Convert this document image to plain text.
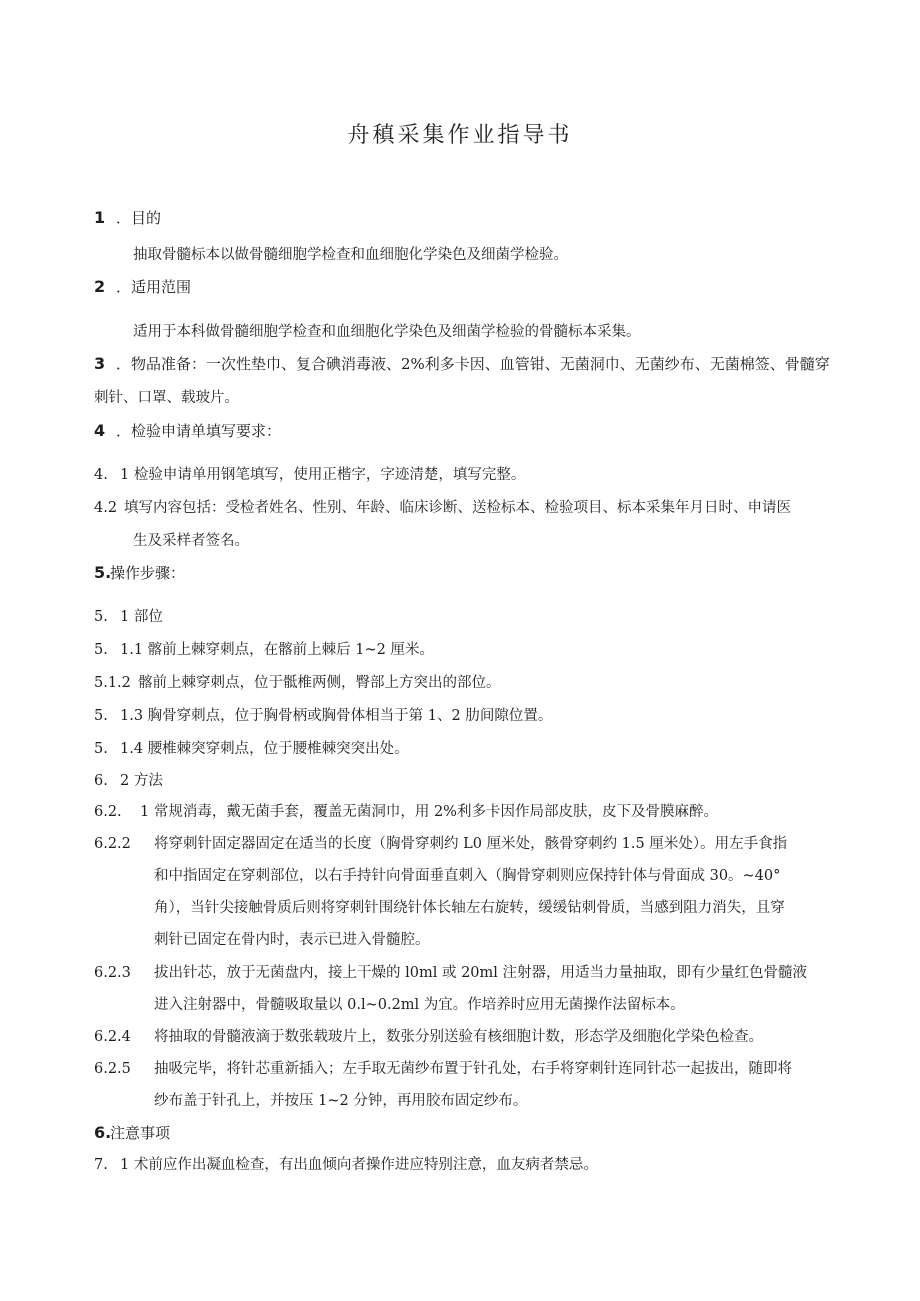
舟稹采集作业指导书
1 ．目的
抽取骨髓标本以做骨髓细胞学检查和血细胞化学染色及细菌学检验。
2 ．适用范围
适用于本科做骨髓细胞学检查和血细胞化学染色及细菌学检验的骨髓标本采集。
3 ．物品准备：一次性垫巾、复合碘消毒液、2%利多卡因、血管钳、无菌洞巾、无菌纱布、无菌棉签、骨髓穿
刺针、口罩、载玻片。
4 ．检验申请单填写要求：
4. 1 检验申请单用钢笔填写，使用正楷字，字迹清楚，填写完整。
4.2 填写内容包括：受检者姓名、性别、年龄、临床诊断、送检标本、检验项目、标本采集年月日时、申请医
生及采样者签名。
5.操作步骤：
5. 1 部位
5. 1.1 髂前上棘穿刺点，在髂前上棘后 1~2 厘米。
5.1.2 髂前上棘穿刺点，位于骶椎两侧，臀部上方突出的部位。
5. 1.3 胸骨穿刺点，位于胸骨柄或胸骨体相当于第 1、2 肋间隙位置。
5. 1.4 腰椎棘突穿刺点，位于腰椎棘突突出处。
6. 2 方法
6.2. 1 常规消毒，戴无菌手套，覆盖无菌洞巾，用 2%利多卡因作局部皮肤，皮下及骨膜麻醉。
6.2.2 将穿刺针固定器固定在适当的长度（胸骨穿刺约 L0 厘米处，骸骨穿刺约 1.5 厘米处）。用左手食指
和中指固定在穿刺部位，以右手持针向骨面垂直刺入（胸骨穿刺则应保持针体与骨面成 30。~40°
角），当针尖接触骨质后则将穿刺针围绕针体长轴左右旋转，缓缓钻刺骨质，当感到阻力消失，且穿
刺针已固定在骨内时，表示已进入骨髓腔。
6.2.3 拔出针芯，放于无菌盘内，接上干燥的 l0ml 或 20ml 注射器，用适当力量抽取，即有少量红色骨髓液
进入注射器中，骨髓吸取量以 0.l~0.2ml 为宜。作培养时应用无菌操作法留标本。
6.2.4 将抽取的骨髓液滴于数张载玻片上，数张分别送验有核细胞计数，形态学及细胞化学染色检查。
6.2.5 抽吸完毕，将针芯重新插入；左手取无菌纱布置于针孔处，右手将穿刺针连同针芯一起拔出，随即将
纱布盖于针孔上，并按压 1~2 分钟，再用胶布固定纱布。
6.注意事项
7. 1 术前应作出凝血检查，有出血倾向者操作进应特别注意，血友病者禁忌。
